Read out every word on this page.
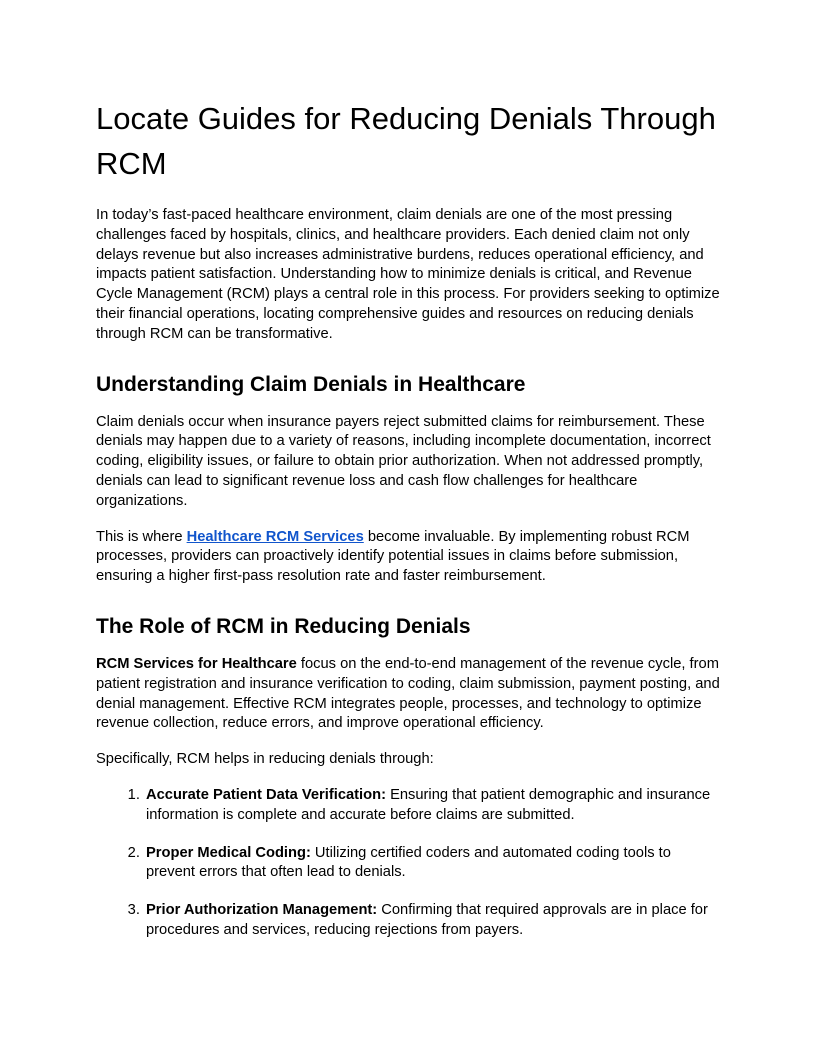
Locate Guides for Reducing Denials Through RCM

In today’s fast-paced healthcare environment, claim denials are one of the most pressing challenges faced by hospitals, clinics, and healthcare providers. Each denied claim not only delays revenue but also increases administrative burdens, reduces operational efficiency, and impacts patient satisfaction. Understanding how to minimize denials is critical, and Revenue Cycle Management (RCM) plays a central role in this process. For providers seeking to optimize their financial operations, locating comprehensive guides and resources on reducing denials through RCM can be transformative.

Understanding Claim Denials in Healthcare

Claim denials occur when insurance payers reject submitted claims for reimbursement. These denials may happen due to a variety of reasons, including incomplete documentation, incorrect coding, eligibility issues, or failure to obtain prior authorization. When not addressed promptly, denials can lead to significant revenue loss and cash flow challenges for healthcare organizations.

This is where Healthcare RCM Services become invaluable. By implementing robust RCM processes, providers can proactively identify potential issues in claims before submission, ensuring a higher first-pass resolution rate and faster reimbursement.

The Role of RCM in Reducing Denials

RCM Services for Healthcare focus on the end-to-end management of the revenue cycle, from patient registration and insurance verification to coding, claim submission, payment posting, and denial management. Effective RCM integrates people, processes, and technology to optimize revenue collection, reduce errors, and improve operational efficiency.

Specifically, RCM helps in reducing denials through:

1. Accurate Patient Data Verification: Ensuring that patient demographic and insurance information is complete and accurate before claims are submitted.
2. Proper Medical Coding: Utilizing certified coders and automated coding tools to prevent errors that often lead to denials.
3. Prior Authorization Management: Confirming that required approvals are in place for procedures and services, reducing rejections from payers.
